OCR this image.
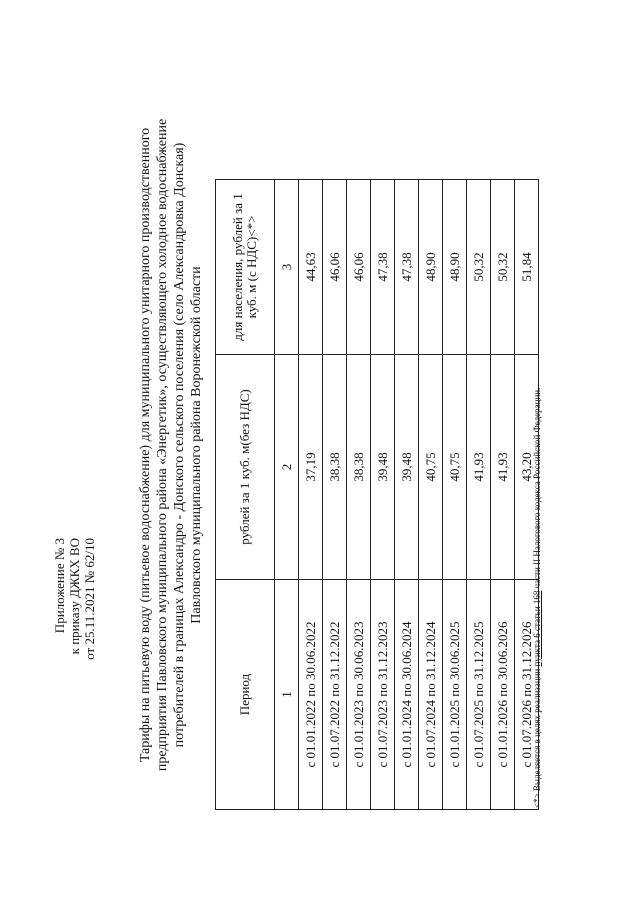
Приложение № 3 к приказу ДЖКХ ВО от 25.11.2021 № 62/10	Тарифы на питьевую воду (питьевое водоснабжение) для муниципального унитарного производственного предприятия Павловского муниципального района «Энергетик», осуществляющего холодное водоснабжение потребителей в границах Александро - Донского сельского поселения (село Александровка Донская) Павловского муниципального района Воронежской области
Период	рублей за 1 куб. м(без НДС)	для населения, рублей за 1 куб. м (с НДС)<*>
1	2	3
с 01.01.2022 по 30.06.2022	37,19	44,63
с 01.07.2022 по 31.12.2022	38,38	46,06
с 01.01.2023 по 30.06.2023	38,38	46,06
с 01.07.2023 по 31.12.2023	39,48	47,38
с 01.01.2024 по 30.06.2024	39,48	47,38
с 01.07.2024 по 31.12.2024	40,75	48,90
с 01.01.2025 по 30.06.2025	40,75	48,90
с 01.07.2025 по 31.12.2025	41,93	50,32
с 01.01.2026 по 30.06.2026	41,93	50,32
с 01.07.2026 по 31.12.2026	43,20	51,84
<*> Выделяется в целях реализации пункта 6 статьи 168 части II Налогового кодекса Российской Федерации.
